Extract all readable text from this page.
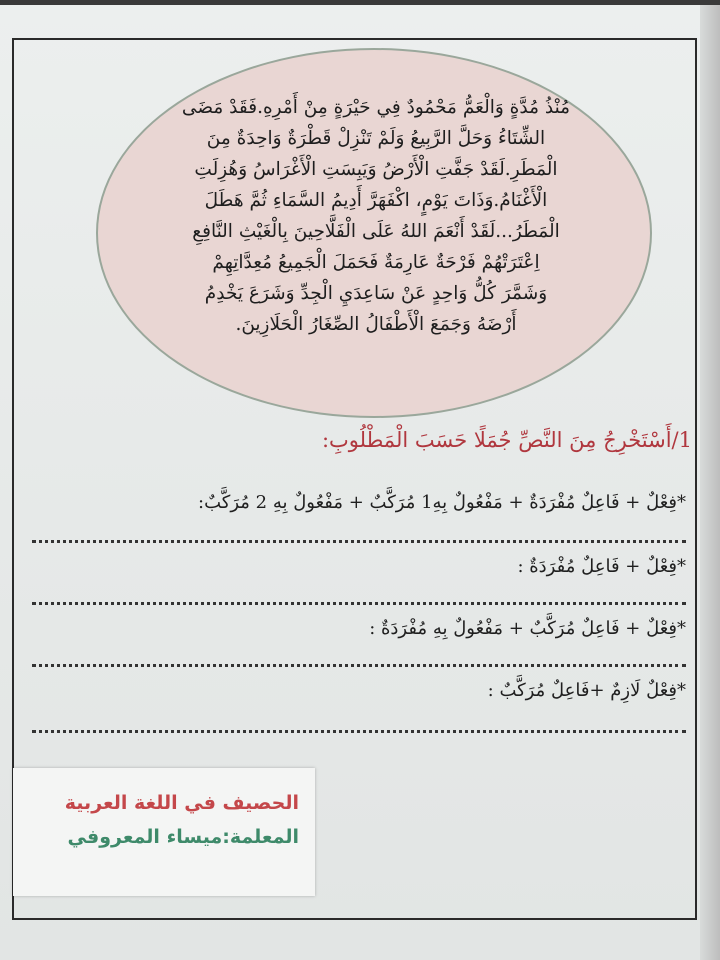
مُنْذُ مُدَّةٍ وَالْعَمُّ مَحْمُودٌ فِي حَيْرَةٍ مِنْ أَمْرِهِ.فَقَدْ مَضَى
الشِّتَاءُ وَحَلَّ الرَّبِيعُ وَلَمْ تَنْزِلْ قَطْرَةٌ وَاحِدَةٌ مِنَ
الْمَطَرِ.لَقَدْ جَفَّتِ الْأَرْضُ وَيَبِسَتِ الْأَغْرَاسُ وَهُزِلَتِ
الْأَغْنَامُ.وَذَاتَ يَوْمٍ، اكْفَهَرَّ أَدِيمُ السَّمَاءِ ثُمَّ هَطَلَ
الْمَطَرُ...لَقَدْ أَنْعَمَ اللهُ عَلَى الْفَلَّاحِينَ بِالْغَيْثِ النَّافِعِ
اِعْتَرَتْهُمْ فَرْحَةٌ عَارِمَةٌ فَحَمَلَ الْجَمِيعُ مُعِدَّاتِهِمْ
وَشَمَّرَ كُلُّ وَاحِدٍ عَنْ سَاعِدَيِ الْجِدِّ وَشَرَعَ يَخْدِمُ
أَرْضَهُ وَجَمَعَ الْأَطْفَالُ الصِّغَارُ الْحَلَازِينَ.
1/أَسْتَخْرِجُ مِنَ النَّصِّ جُمَلًا حَسَبَ الْمَطْلُوبِ:
*فِعْلٌ + فَاعِلٌ مُفْرَدَةٌ + مَفْعُولٌ بِهِ1 مُرَكَّبٌ + مَفْعُولٌ بِهِ 2 مُرَكَّبٌ:
*فِعْلٌ + فَاعِلٌ مُفْرَدَةٌ :
*فِعْلٌ + فَاعِلٌ مُرَكَّبٌ + مَفْعُولٌ بِهِ مُفْرَدَةٌ :
*فِعْلٌ لَازِمٌ +فَاعِلٌ مُرَكَّبٌ :
الحصيف في اللغة العربية
المعلمة:ميساء المعروفي
